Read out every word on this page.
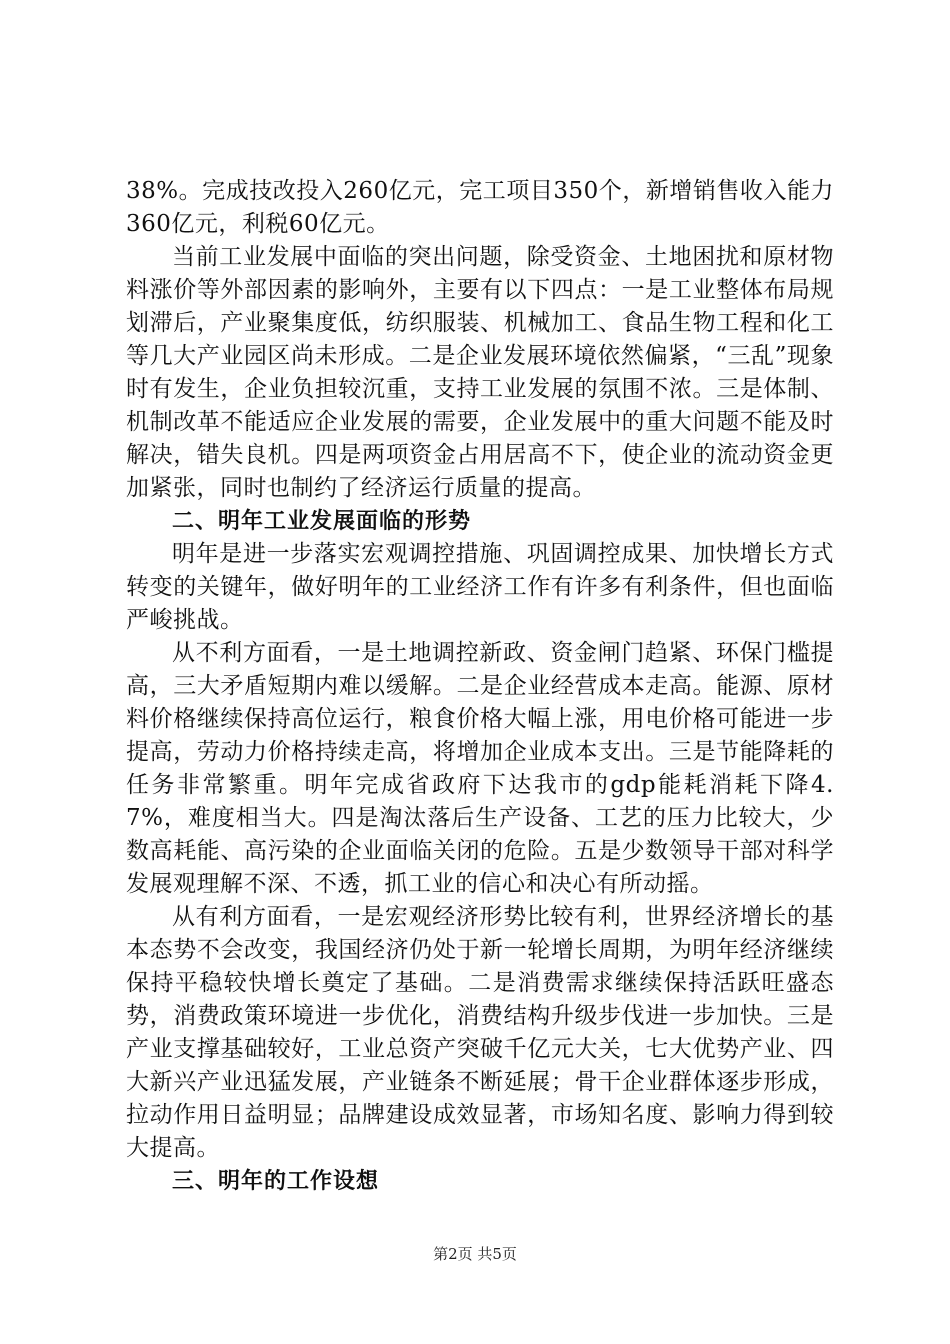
38%。完成技改投入260亿元，完工项目350个，新增销售收入能力360亿元，利税60亿元。

当前工业发展中面临的突出问题，除受资金、土地困扰和原材物料涨价等外部因素的影响外，主要有以下四点：一是工业整体布局规划滞后，产业聚集度低，纺织服装、机械加工、食品生物工程和化工等几大产业园区尚未形成。二是企业发展环境依然偏紧，“三乱”现象时有发生，企业负担较沉重，支持工业发展的氛围不浓。三是体制、机制改革不能适应企业发展的需要，企业发展中的重大问题不能及时解决，错失良机。四是两项资金占用居高不下，使企业的流动资金更加紧张，同时也制约了经济运行质量的提高。

二、明年工业发展面临的形势

明年是进一步落实宏观调控措施、巩固调控成果、加快增长方式转变的关键年，做好明年的工业经济工作有许多有利条件，但也面临严峻挑战。

从不利方面看，一是土地调控新政、资金闸门趋紧、环保门槛提高，三大矛盾短期内难以缓解。二是企业经营成本走高。能源、原材料价格继续保持高位运行，粮食价格大幅上涨，用电价格可能进一步提高，劳动力价格持续走高，将增加企业成本支出。三是节能降耗的任务非常繁重。明年完成省政府下达我市的gdp能耗消耗下降4.7%，难度相当大。四是淘汰落后生产设备、工艺的压力比较大，少数高耗能、高污染的企业面临关闭的危险。五是少数领导干部对科学发展观理解不深、不透，抓工业的信心和决心有所动摇。

从有利方面看，一是宏观经济形势比较有利，世界经济增长的基本态势不会改变，我国经济仍处于新一轮增长周期，为明年经济继续保持平稳较快增长奠定了基础。二是消费需求继续保持活跃旺盛态势，消费政策环境进一步优化，消费结构升级步伐进一步加快。三是产业支撑基础较好，工业总资产突破千亿元大关，七大优势产业、四大新兴产业迅猛发展，产业链条不断延展；骨干企业群体逐步形成，拉动作用日益明显；品牌建设成效显著，市场知名度、影响力得到较大提高。

三、明年的工作设想
第2页 共5页
